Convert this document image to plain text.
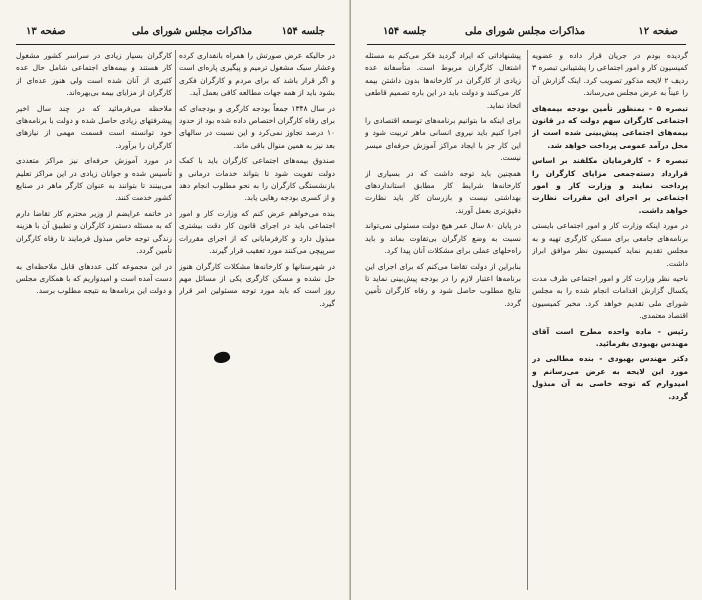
صفحه ۱۳	مذاکرات مجلس شورای ملی	جلسه ۱۵۴

در حالیکه عرض صورتش را همراه بانفداری کرده وعشار سبک مشغول ترمیم و پیگیری پاره‌ای است و اگر قرار باشد که برای مردم و کارگران فکری بشود باید از همه جهات مطالعه کافی بعمل آید.

در سال ۱۳۴۸ جمعاً بودجه کارگری و بودجه‌ای که برای رفاه کارگران اختصاص داده شده بود از حدود ۱۰ درصد تجاوز نمی‌کرد و این نسبت در سالهای بعد نیز به همین منوال باقی ماند.

صندوق بیمه‌های اجتماعی کارگران باید با کمک دولت تقویت شود تا بتواند خدمات درمانی و بازنشستگی کارگران را به نحو مطلوب انجام دهد و از کسری بودجه رهایی یابد.

بنده می‌خواهم عرض کنم که وزارت کار و امور اجتماعی باید در اجرای قانون کار دقت بیشتری مبذول دارد و کارفرمایانی که از اجرای مقررات سرپیچی می‌کنند مورد تعقیب قرار گیرند.

در شهرستانها و کارخانه‌ها مشکلات کارگران هنوز حل نشده و مسکن کارگری یکی از مسائل مهم روز است که باید مورد توجه مسئولین امر قرار گیرد.

کارگران بسیار زیادی در سراسر کشور مشغول کار هستند و بیمه‌های اجتماعی شامل حال عده کثیری از آنان شده است ولی هنوز عده‌ای از کارگران از مزایای بیمه بی‌بهره‌اند.

ملاحظه می‌فرمائید که در چند سال اخیر پیشرفتهای زیادی حاصل شده و دولت با برنامه‌های خود توانسته است قسمت مهمی از نیازهای کارگران را برآورد.

در مورد آموزش حرفه‌ای نیز مراکز متعددی تأسیس شده و جوانان زیادی در این مراکز تعلیم می‌بینند تا بتوانند به عنوان کارگر ماهر در صنایع کشور خدمت کنند.

در خاتمه عرایضم از وزیر محترم کار تقاضا دارم که به مسئله دستمزد کارگران و تطبیق آن با هزینه زندگی توجه خاص مبذول فرمایند تا رفاه کارگران تأمین گردد.

در این مجموعه کلی عددهای قابل ملاحظه‌ای به دست آمده است و امیدواریم که با همکاری مجلس و دولت این برنامه‌ها به نتیجه مطلوب برسد.

صفحه ۱۲
مذاکرات مجلس شورای ملی
جلسه ۱۵۴

گردیده بودم در جریان قرار داده و عضویه کمیسیون کار و امور اجتماعی را پشتیبانی تبصره ۳ ردیف ۲ لایحه مذکور تصویب کرد. اینک گزارش آن را عیناً به عرض مجلس می‌رساند.

تبصره ۵ - بمنظور تأمین بودجه بیمه‌های اجتماعی کارگران سهم دولت که در قانون بیمه‌های اجتماعی پیش‌بینی شده است از محل درآمد عمومی پرداخت خواهد شد.

تبصره ۶ - کارفرمایان مکلفند بر اساس قرارداد دسته‌جمعی مزایای کارگران را پرداخت نمایند و وزارت کار و امور اجتماعی بر اجرای این مقررات نظارت خواهد داشت.

در مورد اینکه وزارت کار و امور اجتماعی بایستی برنامه‌های جامعی برای مسکن کارگری تهیه و به مجلس تقدیم نماید کمیسیون نظر موافق ابراز داشت.

ناحیه نظر وزارت کار و امور اجتماعی طرف مدت یکسال گزارش اقدامات انجام شده را به مجلس شورای ملی تقدیم خواهد کرد. مخبر کمیسیون اقتصاد معتمدی.

رئیس - ماده واحده مطرح است آقای مهندس بهبودی بفرمائید.

دکتر مهندس بهبودی - بنده مطالبی در مورد این لایحه به عرض می‌رسانم و امیدوارم که توجه خاصی به آن مبذول گردد.

پیشنهاداتی که ایراد گردید فکر می‌کنم به مسئله اشتغال کارگران مربوط است. متأسفانه عده زیادی از کارگران در کارخانه‌ها بدون داشتن بیمه کار می‌کنند و دولت باید در این باره تصمیم قاطعی اتخاذ نماید.

برای اینکه ما بتوانیم برنامه‌های توسعه اقتصادی را اجرا کنیم باید نیروی انسانی ماهر تربیت شود و این کار جز با ایجاد مراکز آموزش حرفه‌ای میسر نیست.

همچنین باید توجه داشت که در بسیاری از کارخانه‌ها شرایط کار مطابق استانداردهای بهداشتی نیست و بازرسان کار باید نظارت دقیق‌تری بعمل آورند.

در پایان ۸۰ سال عمر هیچ دولت مسئولی نمی‌تواند نسبت به وضع کارگران بی‌تفاوت بماند و باید راه‌حلهای عملی برای مشکلات آنان پیدا کرد.

بنابراین از دولت تقاضا می‌کنم که برای اجرای این برنامه‌ها اعتبار لازم را در بودجه پیش‌بینی نماید تا نتایج مطلوب حاصل شود و رفاه کارگران تأمین گردد.
